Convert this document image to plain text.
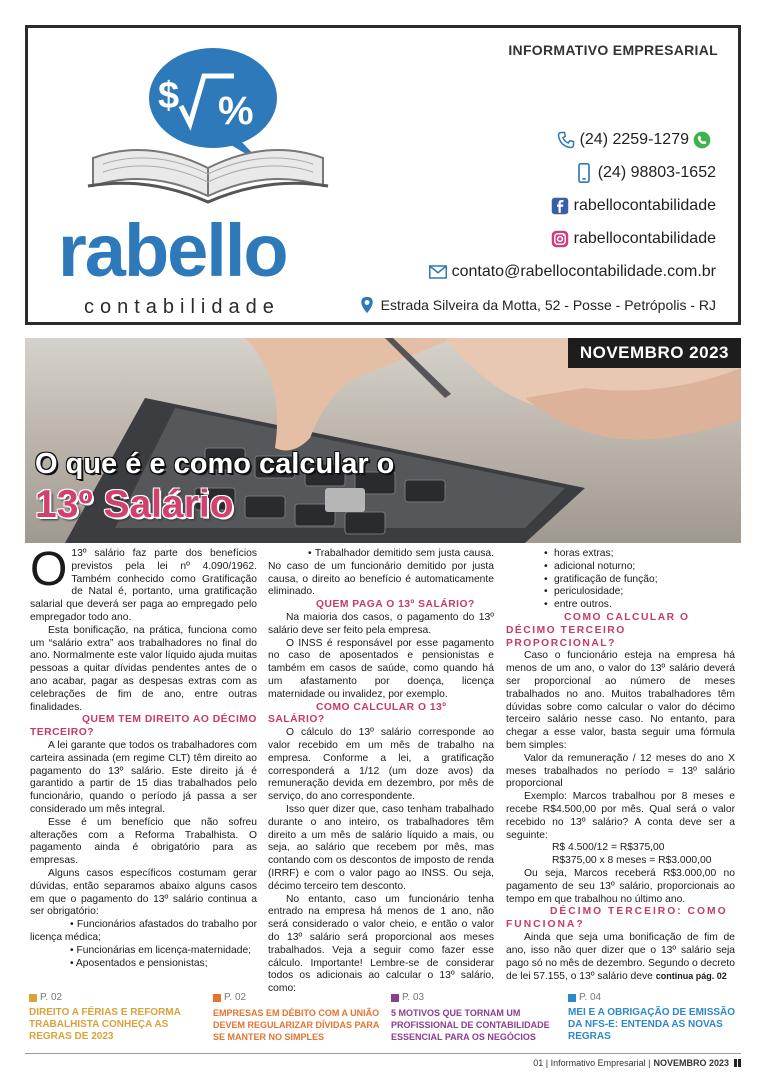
INFORMATIVO EMPRESARIAL
$ %
rabello
contabilidade
(24) 2259-1279
(24) 98803-1652
rabellocontabilidade
rabellocontabilidade
contato@rabellocontabilidade.com.br
Estrada Silveira da Motta, 52 - Posse - Petrópolis - RJ
NOVEMBRO 2023
O que é e como calcular o
13º Salário

O 13º salário faz parte dos benefícios previstos pela lei nº 4.090/1962. Também conhecido como Gratificação de Natal é, portanto, uma gratificação salarial que deverá ser paga ao empregado pelo empregador todo ano.

Esta bonificação, na prática, funciona como um “salário extra” aos trabalhadores no final do ano. Normalmente este valor líquido ajuda muitas pessoas a quitar dívidas pendentes antes de o ano acabar, pagar as despesas extras com as celebrações de fim de ano, entre outras finalidades.

QUEM TEM DIREITO AO DÉCIMO TERCEIRO?

A lei garante que todos os trabalhadores com carteira assinada (em regime CLT) têm direito ao pagamento do 13º salário. Este direito já é garantido a partir de 15 dias trabalhados pelo funcionário, quando o período já passa a ser considerado um mês integral.

Esse é um benefício que não sofreu alterações com a Reforma Trabalhista. O pagamento ainda é obrigatório para as empresas.

Alguns casos específicos costumam gerar dúvidas, então separamos abaixo alguns casos em que o pagamento do 13º salário continua a ser obrigatório:

• Funcionários afastados do trabalho por licença médica;

• Funcionárias em licença-maternidade;

• Aposentados e pensionistas;

• Trabalhador demitido sem justa causa. No caso de um funcionário demitido por justa causa, o direito ao benefício é automaticamente eliminado.

QUEM PAGA O 13º SALÁRIO?

Na maioria dos casos, o pagamento do 13º salário deve ser feito pela empresa.

O INSS é responsável por esse pagamento no caso de aposentados e pensionistas e também em casos de saúde, como quando há um afastamento por doença, licença maternidade ou invalidez, por exemplo.

COMO CALCULAR O 13º SALÁRIO?

O cálculo do 13º salário corresponde ao valor recebido em um mês de trabalho na empresa. Conforme a lei, a gratificação corresponderá a 1/12 (um doze avos) da remuneração devida em dezembro, por mês de serviço, do ano correspondente.

Isso quer dizer que, caso tenham trabalhado durante o ano inteiro, os trabalhadores têm direito a um mês de salário líquido a mais, ou seja, ao salário que recebem por mês, mas contando com os descontos de imposto de renda (IRRF) e com o valor pago ao INSS. Ou seja, décimo terceiro tem desconto.

No entanto, caso um funcionário tenha entrado na empresa há menos de 1 ano, não será considerado o valor cheio, e então o valor do 13º salário será proporcional aos meses trabalhados. Veja a seguir como fazer esse cálculo. Importante! Lembre-se de considerar todos os adicionais ao calcular o 13º salário, como:

• horas extras;
• adicional noturno;
• gratificação de função;
• periculosidade;
• entre outros.

COMO CALCULAR O DÉCIMO TERCEIRO PROPORCIONAL?

Caso o funcionário esteja na empresa há menos de um ano, o valor do 13º salário deverá ser proporcional ao número de meses trabalhados no ano. Muitos trabalhadores têm dúvidas sobre como calcular o valor do décimo terceiro salário nesse caso. No entanto, para chegar a esse valor, basta seguir uma fórmula bem simples:

Valor da remuneração / 12 meses do ano X meses trabalhados no período = 13º salário proporcional

Exemplo: Marcos trabalhou por 8 meses e recebe R$4.500,00 por mês. Qual será o valor recebido no 13º salário? A conta deve ser a seguinte:

R$ 4.500/12 = R$375,00

R$375,00 x 8 meses = R$3.000,00

Ou seja, Marcos receberá R$3.000,00 no pagamento de seu 13º salário, proporcionais ao tempo em que trabalhou no último ano.

DÉCIMO TERCEIRO: COMO FUNCIONA?

Ainda que seja uma bonificação de fim de ano, isso não quer dizer que o 13º salário seja pago só no mês de dezembro. Segundo o decreto de lei 57.155, o 13º salário deve continua pág. 02

P. 02
DIREITO A FÉRIAS E REFORMA TRABALHISTA CONHEÇA AS REGRAS DE 2023
P. 02
EMPRESAS EM DÉBITO COM A UNIÃO DEVEM REGULARIZAR DÍVIDAS PARA SE MANTER NO SIMPLES
P. 03
5 MOTIVOS QUE TORNAM UM PROFISSIONAL DE CONTABILIDADE ESSENCIAL PARA OS NEGÓCIOS
P. 04
MEI E A OBRIGAÇÃO DE EMISSÃO DA NFS-E: ENTENDA AS NOVAS REGRAS
01 | Informativo Empresarial | NOVEMBRO 2023
